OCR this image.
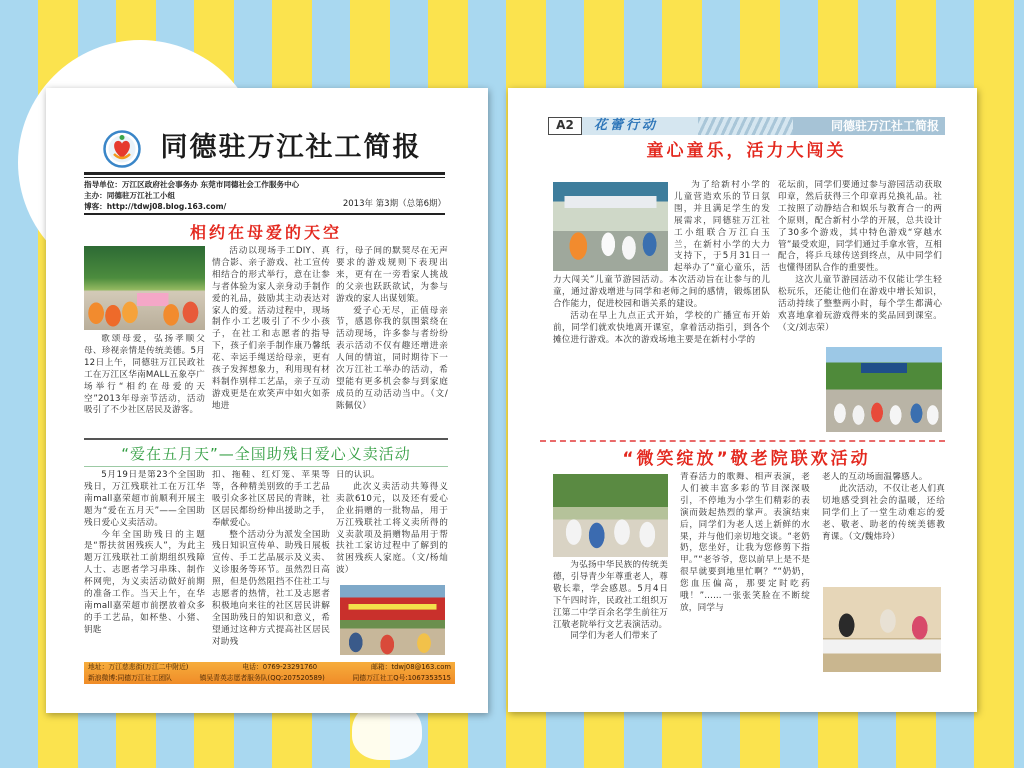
同德驻万江社工简报
指导单位：万江区政府社会事务办 东莞市同德社会工作服务中心
主办：同德驻万江社工小组
博客：http://tdwj08.blog.163.com/	2013年 第3期（总第6期）
相约在母爱的天空

歌颂母爱，弘扬孝顺父母、珍视亲情是传统美德。5月12日上午，同德驻万江民政社工在万江区华南MALL五象亭广场举行“相约在母爱的天空”2013年母亲节活动，活动吸引了不少社区居民及游客。

活动以现场手工DIY、真情合影、亲子游戏、社工宣传相结合的形式举行，意在让参与者体验为家人亲身动手制作爱的礼品，鼓励其主动表达对家人的爱。活动过程中，现场制作小工艺吸引了不少小孩子，在社工和志愿者的指导下，孩子们亲手制作康乃馨纸花、幸运手绳送给母亲，更有孩子发挥想象力，利用现有材料制作别样工艺品，亲子互动游戏更是在欢笑声中如火如荼地进

行，母子间的默契尽在无声要求的游戏规则下表现出来，更有在一旁看家人挑战的父亲也跃跃欲试，为参与游戏的家人出谋划策。

爱子心无尽，正值母亲节，感恩你我的氛围萦绕在活动现场，许多参与者纷纷表示活动不仅有趣还增进亲人间的情谊，同时期待下一次万江社工举办的活动，希望能有更多机会参与到家庭成员的互动活动当中。（文/陈佩仪）

“爱在五月天”—全国助残日爱心义卖活动

5月19日是第23个全国助残日，万江残联社工在万江华南mall嘉荣超市前顺利开展主题为“爱在五月天”——全国助残日爱心义卖活动。

今年全国助残日的主题是“帮扶贫困残疾人”，为此主题万江残联社工前期组织残障人士、志愿者学习串珠、制作杯网兜，为义卖活动做好前期的准备工作。当天上午，在华南mall嘉荣超市前摆放着众多的手工艺品，如杯垫、小猪、钥匙

扣、拖鞋、红灯笼、苹果等等，各种精美别致的手工艺品吸引众多社区居民的青睐，社区居民都纷纷伸出援助之手，奉献爱心。

整个活动分为派发全国助残日知识宣传单、助残日展板宣传、手工艺品展示及义卖、义诊服务等环节。虽然烈日高照，但是仍然阻挡不住社工与志愿者的热情，社工及志愿者积极地向来往的社区居民讲解全国助残日的知识和意义，希望通过这种方式提高社区居民对助残

日的认识。

此次义卖活动共筹得义卖款610元，以及还有爱心企业捐赠的一批物品，用于万江残联社工将义卖所得的义卖款项及捐赠物品用于帮扶社工家访过程中了解到的贫困残疾人家庭。（文/杨灿波）

地址：万江慈悲街(万江二中附近)	电话：0769-23291760	邮箱：tdwj08@163.com
新浪微博:同德万江社工团队	镇吴青英志愿者服务队(QQ:207520589)	同德万江社工Q号:1067353515
A2	花蕾行动	同德驻万江社工简报
童心童乐，活力大闯关

为了给新村小学的儿童营造欢乐的节日氛围，并且满足学生的发展需求，同德驻万江社工小组联合万江白玉兰，在新村小学的大力支持下，于5月31日一起举办了“童心童乐，活力大闯关”儿童节游园活动。本次活动旨在让参与的儿童，通过游戏增进与同学和老师之间的感情，锻炼团队合作能力，促进校园和谐关系的建设。

活动在早上九点正式开始，学校的广播宣布开始前，同学们就欢快地离开课室，拿着活动指引，到各个摊位进行游戏。本次的游戏场地主要是在新村小学的

花坛前，同学们要通过参与游园活动获取印章，然后获得三个印章再兑换礼品。社工按照了动静结合和娱乐与教育合一的两个原则，配合新村小学的开展，总共设计了30多个游戏，其中特色游戏“穿越水管”最受欢迎，同学们通过手拿水管，互相配合，将乒乓球传送到终点，从中同学们也懂得团队合作的重要性。

这次儿童节游园活动不仅能让学生轻松玩乐，还能让他们在游戏中增长知识，活动持续了整整两小时，每个学生都满心欢喜地拿着玩游戏得来的奖品回到课室。（文/刘志荣）

“微笑绽放”敬老院联欢活动

为弘扬中华民族的传统美德，引导青少年尊重老人，尊敬长辈，学会感恩。5月4日下午四时许，民政社工组织万江第二中学百余名学生前往万江敬老院举行文艺表演活动。

同学们为老人们带来了

青春活力的歌舞、相声表演，老人们被丰富多彩的节目深深吸引，不停地为小学生们精彩的表演而鼓起热烈的掌声。表演结束后，同学们为老人送上新鲜的水果，并与他们亲切地交谈。“老奶奶，您坐好，让我为您修剪下指甲。”“老爷爷，您以前早上是不是很早就要到地里忙啊？”“奶奶，您血压偏高，那要定时吃药哦！”……一张张笑脸在不断绽放，同学与

老人的互动场面温馨感人。

此次活动，不仅让老人们真切地感受到社会的温暖，还给同学们上了一堂生动难忘的爱老、敬老、助老的传统美德教育课。（文/魏炜玲）
